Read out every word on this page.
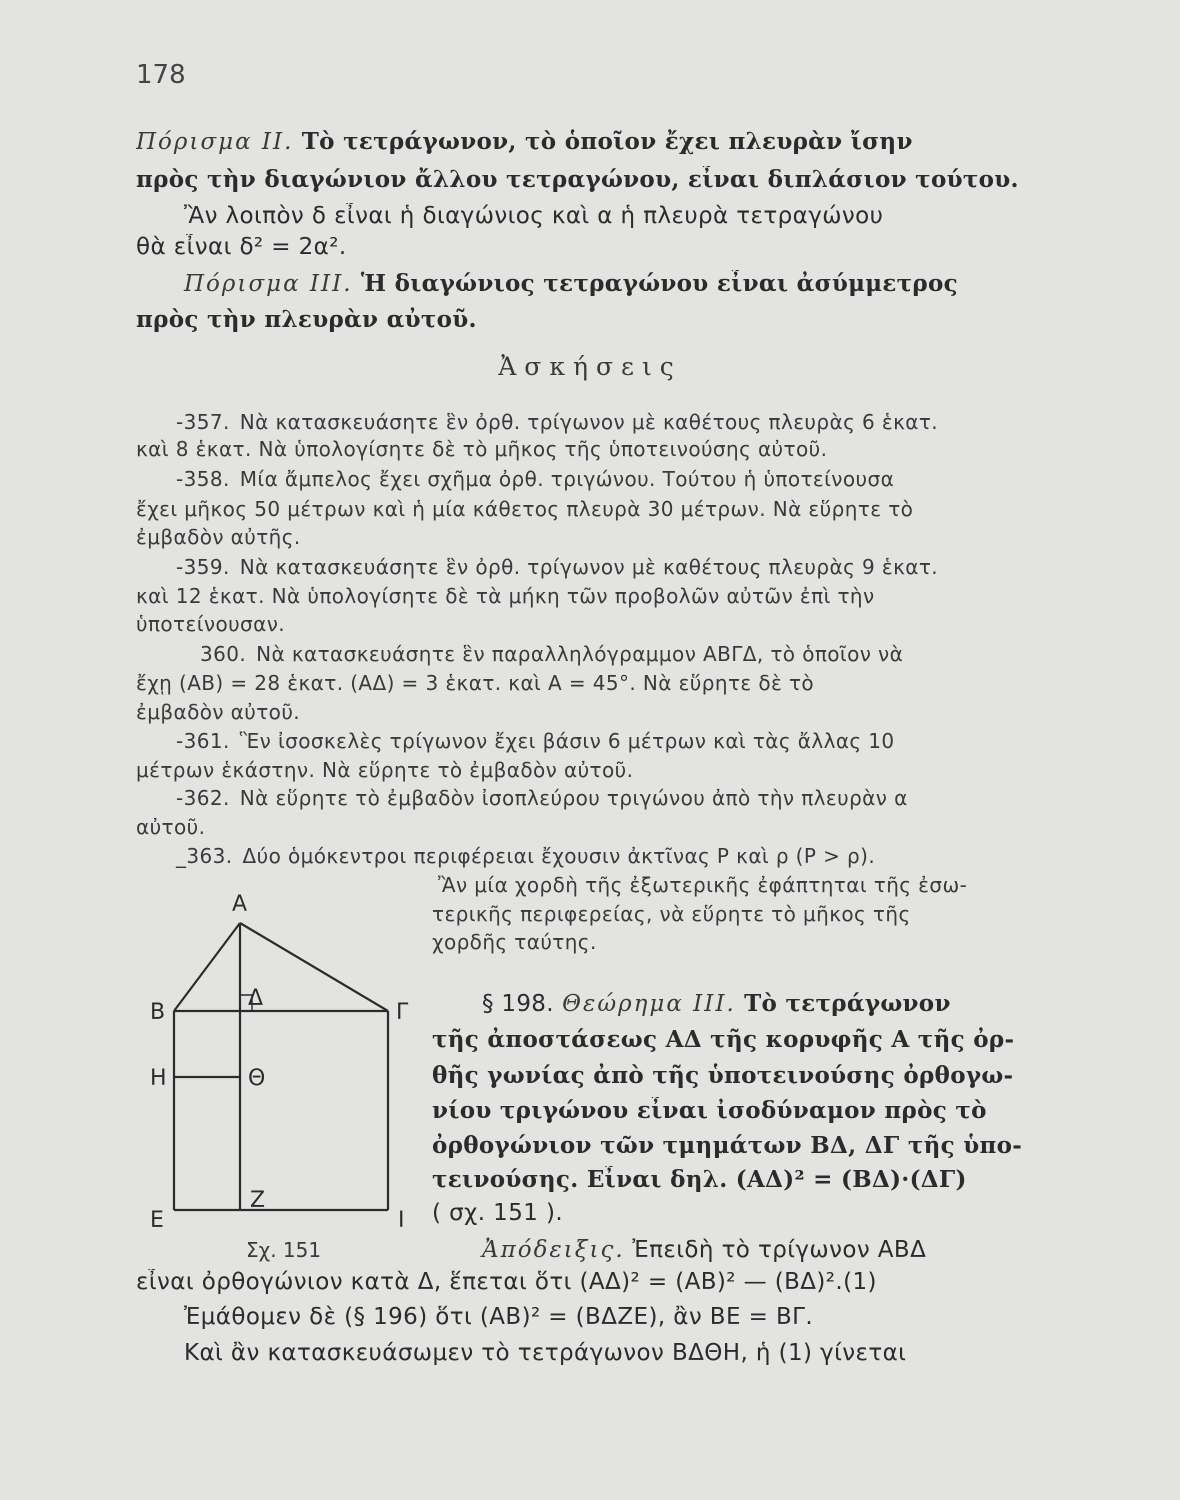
178
Πόρισμα II. Τὸ τετράγωνον, τὸ ὁποῖον ἔχει πλευρὰν ἴσην
πρὸς τὴν διαγώνιον ἄλλου τετραγώνου, εἶναι διπλάσιον τούτου.
Ἂν λοιπὸν δ εἶναι ἡ διαγώνιος καὶ α ἡ πλευρὰ τετραγώνου
θὰ εἶναι δ² = 2α².
Πόρισμα III. Ἡ διαγώνιος τετραγώνου εἶναι ἀσύμμετρος
πρὸς τὴν πλευρὰν αὐτοῦ.
Ἀσκήσεις
-357. Νὰ κατασκευάσητε ἓν ὀρθ. τρίγωνον μὲ καθέτους πλευρὰς 6 ἑκατ.
καὶ 8 ἑκατ. Νὰ ὑπολογίσητε δὲ τὸ μῆκος τῆς ὑποτεινούσης αὐτοῦ.
-358. Μία ἄμπελος ἔχει σχῆμα ὀρθ. τριγώνου. Τούτου ἡ ὑποτείνουσα
ἔχει μῆκος 50 μέτρων καὶ ἡ μία κάθετος πλευρὰ 30 μέτρων. Νὰ εὕρητε τὸ
ἐμβαδὸν αὐτῆς.
-359. Νὰ κατασκευάσητε ἓν ὀρθ. τρίγωνον μὲ καθέτους πλευρὰς 9 ἑκατ.
καὶ 12 ἑκατ. Νὰ ὑπολογίσητε δὲ τὰ μήκη τῶν προβολῶν αὐτῶν ἐπὶ τὴν
ὑποτείνουσαν.
360. Νὰ κατασκευάσητε ἓν παραλληλόγραμμον ΑΒΓΔ, τὸ ὁποῖον νὰ
ἔχῃ (ΑΒ) = 28 ἑκατ. (ΑΔ) = 3 ἑκατ. καὶ Α = 45°. Νὰ εὕρητε δὲ τὸ
ἐμβαδὸν αὐτοῦ.
-361. Ἓν ἰσοσκελὲς τρίγωνον ἔχει βάσιν 6 μέτρων καὶ τὰς ἄλλας 10
μέτρων ἑκάστην. Νὰ εὕρητε τὸ ἐμβαδὸν αὐτοῦ.
-362. Νὰ εὕρητε τὸ ἐμβαδὸν ἰσοπλεύρου τριγώνου ἀπὸ τὴν πλευρὰν α
αὐτοῦ.
_363. Δύο ὁμόκεντροι περιφέρειαι ἔχουσιν ἀκτῖνας Ρ καὶ ρ (Ρ > ρ).
Ἂν μία χορδὴ τῆς ἐξωτερικῆς ἐφάπτηται τῆς ἐσω-
τερικῆς περιφερείας, νὰ εὕρητε τὸ μῆκος τῆς
χορδῆς ταύτης.
Α
Β	Γ
Δ
Η	Θ
Ε
Ζ
Ι
Σχ. 151
§ 198. Θεώρημα III. Τὸ τετράγωνον
τῆς ἀποστάσεως ΑΔ τῆς κορυφῆς Α τῆς ὀρ-
θῆς γωνίας ἀπὸ τῆς ὑποτεινούσης ὀρθογω-
νίου τριγώνου εἶναι ἰσοδύναμον πρὸς τὸ
ὀρθογώνιον τῶν τμημάτων ΒΔ, ΔΓ τῆς ὑπο-
τεινούσης. Εἶναι δηλ. (ΑΔ)² = (ΒΔ)·(ΔΓ)
( σχ. 151 ).
Ἀπόδειξις. Ἐπειδὴ τὸ τρίγωνον ΑΒΔ
εἶναι ὀρθογώνιον κατὰ Δ, ἕπεται ὅτι (ΑΔ)² = (ΑΒ)² — (ΒΔ)².(1)
Ἐμάθομεν δὲ (§ 196) ὅτι (ΑΒ)² = (ΒΔΖΕ), ἂν ΒΕ = ΒΓ.
Καὶ ἂν κατασκευάσωμεν τὸ τετράγωνον ΒΔΘΗ, ἡ (1) γίνεται
